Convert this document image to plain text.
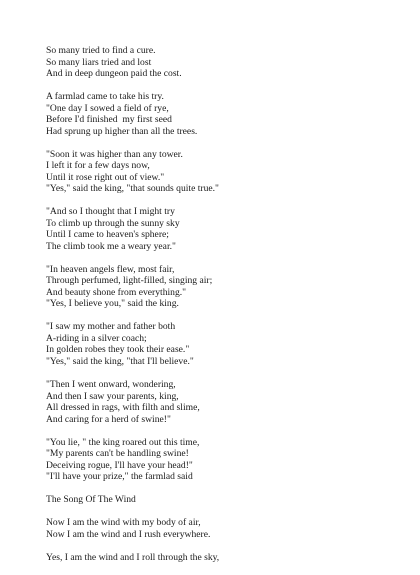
So many tried to find a cure.
So many liars tried and lost
And in deep dungeon paid the cost.
A farmlad came to take his try.
"One day I sowed a field of rye,
Before I'd finished  my first seed
Had sprung up higher than all the trees.
"Soon it was higher than any tower.
I left it for a few days now,
Until it rose right out of view."
"Yes," said the king, "that sounds quite true."
"And so I thought that I might try
To climb up through the sunny sky
Until I came to heaven's sphere;
The climb took me a weary year."
"In heaven angels flew, most fair,
Through perfumed, light-filled, singing air;
And beauty shone from everything."
"Yes, I believe you," said the king.
"I saw my mother and father both
A-riding in a silver coach;
In golden robes they took their ease."
"Yes," said the king, "that I'll believe."
"Then I went onward, wondering,
And then I saw your parents, king,
All dressed in rags, with filth and slime,
And caring for a herd of swine!"
"You lie, " the king roared out this time,
"My parents can't be handling swine!
Deceiving rogue, I'll have your head!"
"I'll have your prize," the farmlad said
The Song Of The Wind
Now I am the wind with my body of air,
Now I am the wind and I rush everywhere.
Yes, I am the wind and I roll through the sky,
